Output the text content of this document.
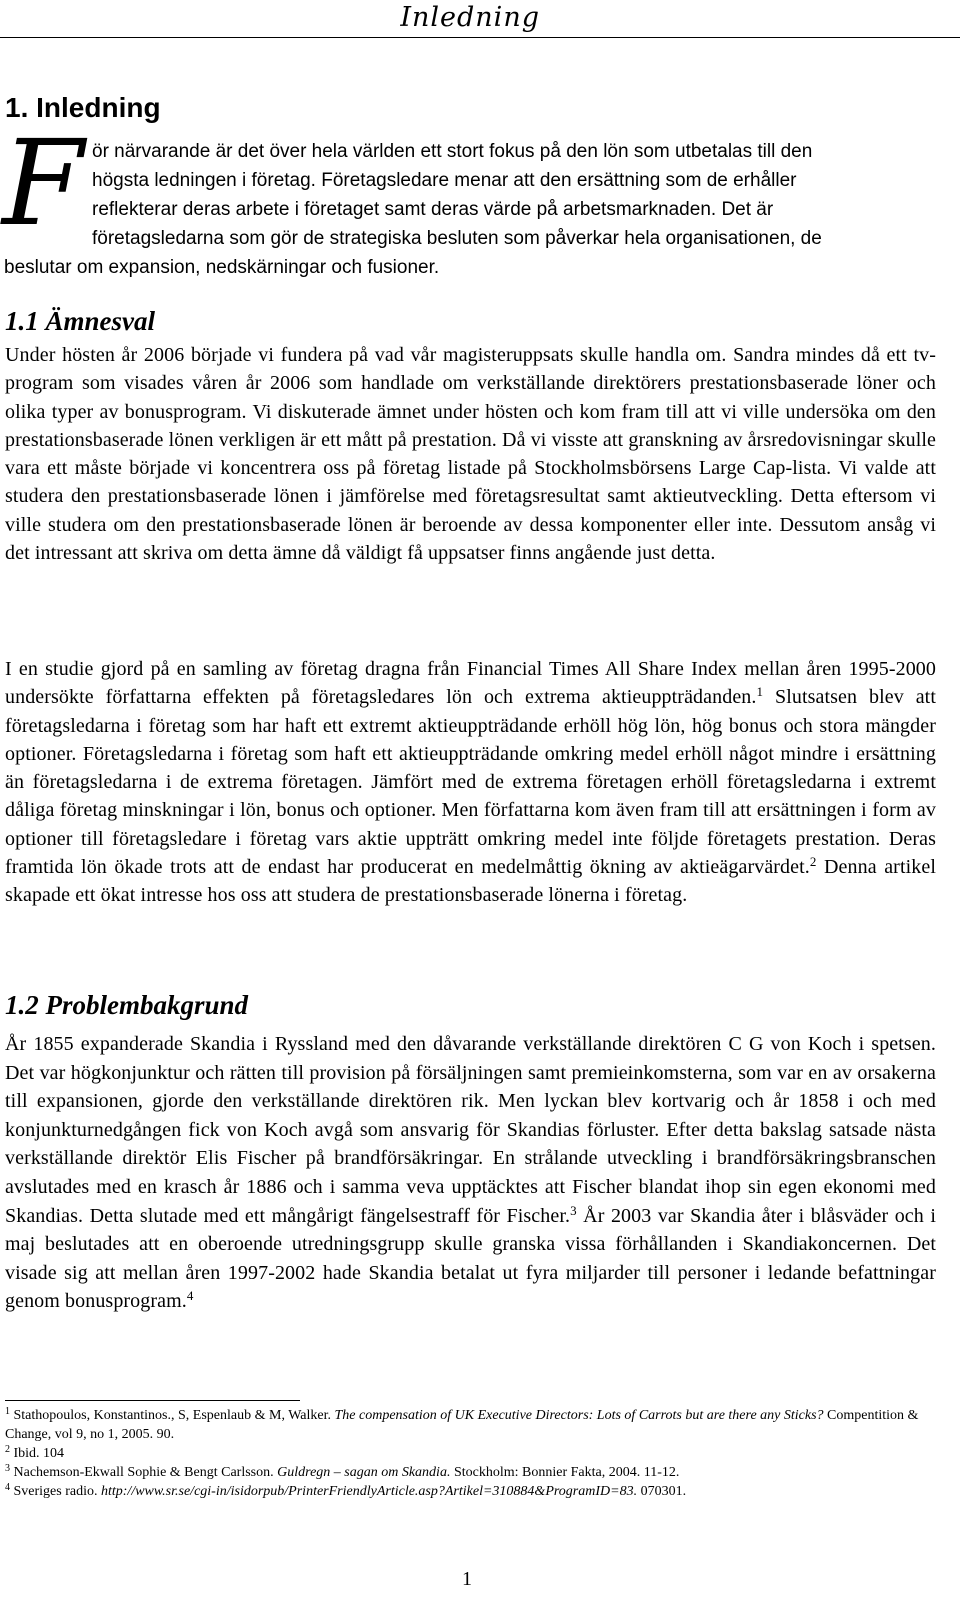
Inledning
1. Inledning
F ör närvarande är det över hela världen ett stort fokus på den lön som utbetalas till den
högsta ledningen i företag. Företagsledare menar att den ersättning som de erhåller
reflekterar deras arbete i företaget samt deras värde på arbetsmarknaden. Det är
företagsledarna som gör de strategiska besluten som påverkar hela organisationen, de
beslutar om expansion, nedskärningar och fusioner.

1.1 Ämnesval

Under hösten år 2006 började vi fundera på vad vår magisteruppsats skulle handla om. Sandra mindes då ett tv-program som visades våren år 2006 som handlade om verkställande direktörers prestationsbaserade löner och olika typer av bonusprogram. Vi diskuterade ämnet under hösten och kom fram till att vi ville undersöka om den prestationsbaserade lönen verkligen är ett mått på prestation. Då vi visste att granskning av årsredovisningar skulle vara ett måste började vi koncentrera oss på företag listade på Stockholmsbörsens Large Cap-lista. Vi valde att studera den prestationsbaserade lönen i jämförelse med företagsresultat samt aktieutveckling. Detta eftersom vi ville studera om den prestationsbaserade lönen är beroende av dessa komponenter eller inte. Dessutom ansåg vi det intressant att skriva om detta ämne då väldigt få uppsatser finns angående just detta.

I en studie gjord på en samling av företag dragna från Financial Times All Share Index mellan åren 1995-2000 undersökte författarna effekten på företagsledares lön och extrema aktieuppträdanden.$^1$ Slutsatsen blev att företagsledarna i företag som har haft ett extremt aktieuppträdande erhöll hög lön, hög bonus och stora mängder optioner. Företagsledarna i företag som haft ett aktieuppträdande omkring medel erhöll något mindre i ersättning än företagsledarna i de extrema företagen. Jämfört med de extrema företagen erhöll företagsledarna i extremt dåliga företag minskningar i lön, bonus och optioner. Men författarna kom även fram till att ersättningen i form av optioner till företagsledare i företag vars aktie uppträtt omkring medel inte följde företagets prestation. Deras framtida lön ökade trots att de endast har producerat en medelmåttig ökning av aktieägarvärdet.$^2$ Denna artikel skapade ett ökat intresse hos oss att studera de prestationsbaserade lönerna i företag.

1.2 Problembakgrund

År 1855 expanderade Skandia i Ryssland med den dåvarande verkställande direktören C G von Koch i spetsen. Det var högkonjunktur och rätten till provision på försäljningen samt premieinkomsterna, som var en av orsakerna till expansionen, gjorde den verkställande direktören rik. Men lyckan blev kortvarig och år 1858 i och med konjunkturnedgången fick von Koch avgå som ansvarig för Skandias förluster. Efter detta bakslag satsade nästa verkställande direktör Elis Fischer på brandförsäkringar. En strålande utveckling i brandförsäkringsbranschen avslutades med en krasch år 1886 och i samma veva upptäcktes att Fischer blandat ihop sin egen ekonomi med Skandias. Detta slutade med ett mångårigt fängelsestraff för Fischer.$^3$ År 2003 var Skandia åter i blåsväder och i maj beslutades att en oberoende utredningsgrupp skulle granska vissa förhållanden i Skandiakoncernen. Det visade sig att mellan åren 1997-2002 hade Skandia betalat ut fyra miljarder till personer i ledande befattningar genom bonusprogram.$^4$

$^1$ Stathopoulos, Konstantinos., S, Espenlaub & M, Walker. The compensation of UK Executive Directors: Lots of Carrots but are there any Sticks? Compentition & Change, vol 9, no 1, 2005. 90.
$^2$ Ibid. 104
$^3$ Nachemson-Ekwall Sophie & Bengt Carlsson. Guldregn – sagan om Skandia. Stockholm: Bonnier Fakta, 2004. 11-12.
$^4$ Sveriges radio. http://www.sr.se/cgi-in/isidorpub/PrinterFriendlyArticle.asp?Artikel=310884&ProgramID=83. 070301.
1
